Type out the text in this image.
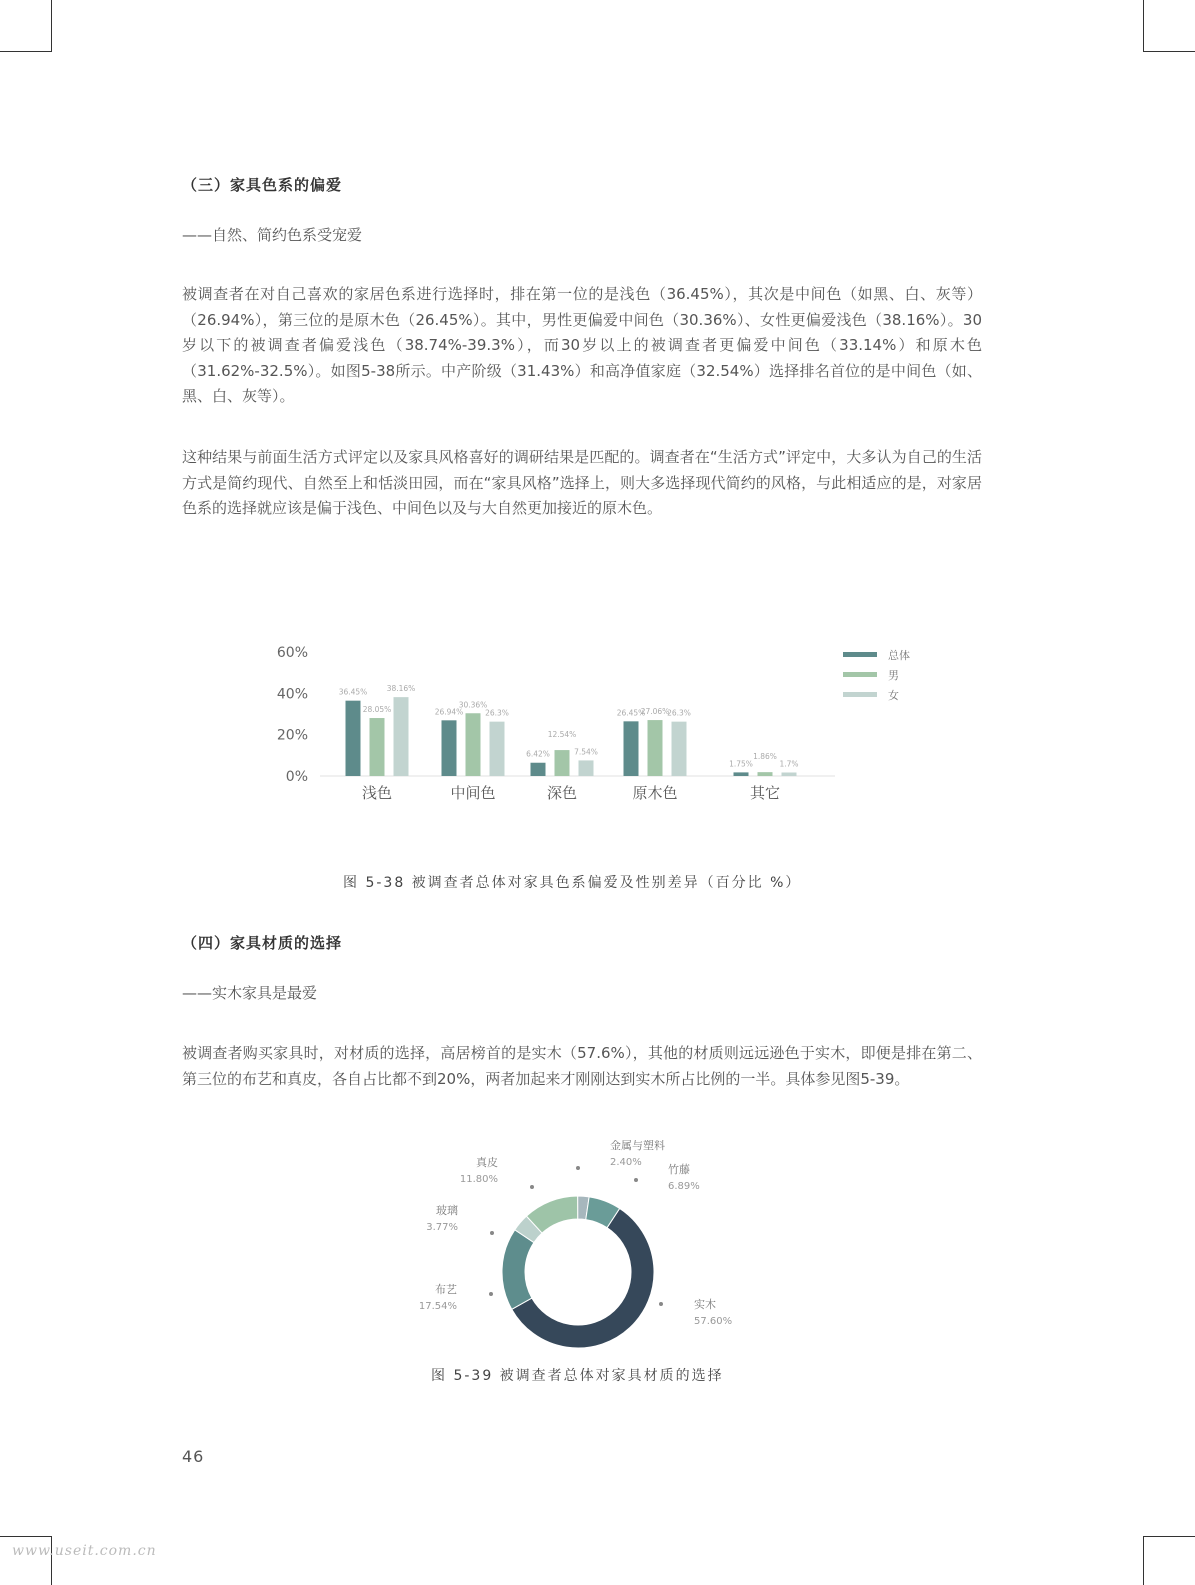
（三）家具色系的偏爱
——自然、简约色系受宠爱

被调查者在对自己喜欢的家居色系进行选择时，排在第一位的是浅色（36.45%），其次是中间色（如黑、白、灰等）（26.94%），第三位的是原木色（26.45%）。其中，男性更偏爱中间色（30.36%）、女性更偏爱浅色（38.16%）。30岁以下的被调查者偏爱浅色（38.74%-39.3%），而30岁以上的被调查者更偏爱中间色（33.14%）和原木色（31.62%-32.5%）。如图5-38所示。中产阶级（31.43%）和高净值家庭（32.54%）选择排名首位的是中间色（如、黑、白、灰等）。

这种结果与前面生活方式评定以及家具风格喜好的调研结果是匹配的。调查者在“生活方式”评定中，大多认为自己的生活方式是简约现代、自然至上和恬淡田园，而在“家具风格”选择上，则大多选择现代简约的风格，与此相适应的是，对家居色系的选择就应该是偏于浅色、中间色以及与大自然更加接近的原木色。

0%
20%
40%
60%
36.45%
28.05%
38.16%
浅色
26.94%
30.36%
26.3%
中间色
6.42%
12.54%
7.54%
深色
26.45%
27.06%
26.3%
原木色
1.75%
1.86%
1.7%
其它
总体
男
女
图 5-38 被调查者总体对家具色系偏爱及性别差异（百分比 %）
（四）家具材质的选择
——实木家具是最爱

被调查者购买家具时，对材质的选择，高居榜首的是实木（57.6%），其他的材质则远远逊色于实木，即便是排在第二、第三位的布艺和真皮，各自占比都不到20%，两者加起来才刚刚达到实木所占比例的一半。具体参见图5-39。

实木
57.60%
布艺
17.54%
玻璃
3.77%
真皮
11.80%
金属与塑料
2.40%
竹藤
6.89%
图 5-39 被调查者总体对家具材质的选择
46
www.useit.com.cn
